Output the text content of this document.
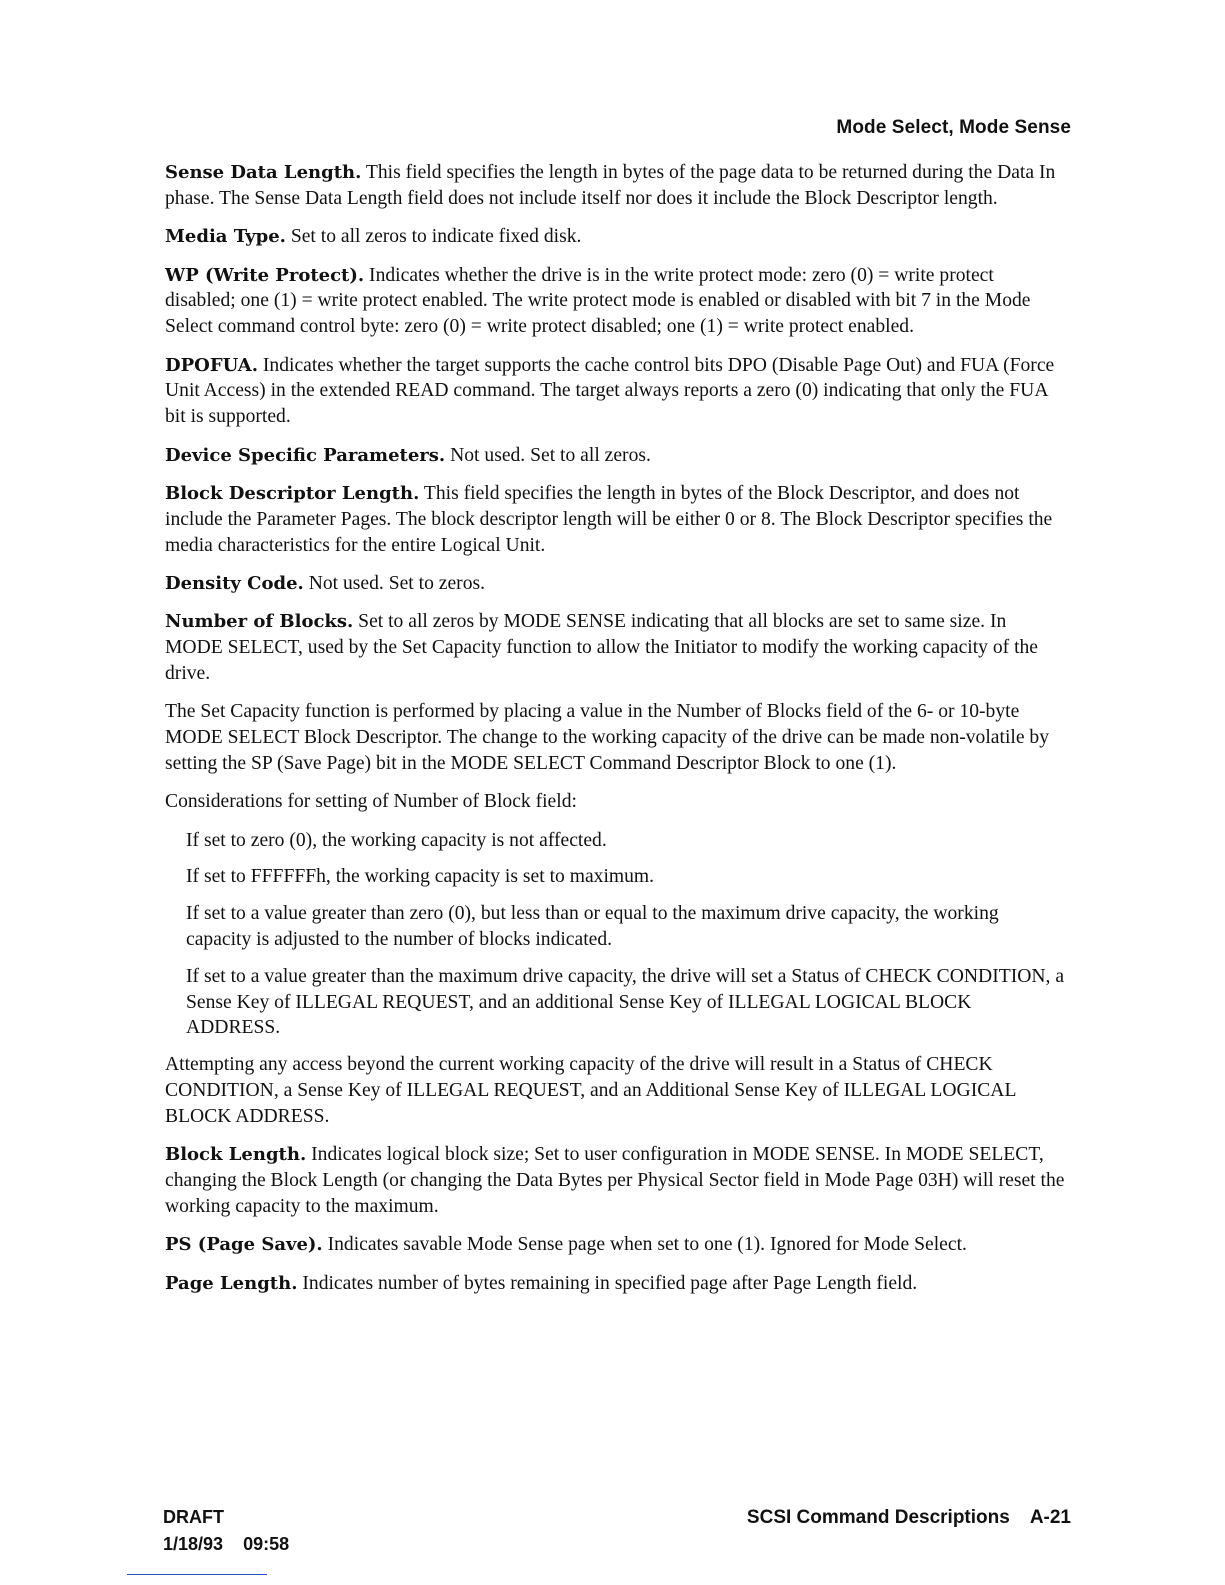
Mode Select, Mode Sense

Sense Data Length. This field specifies the length in bytes of the page data to be returned during the Data In phase. The Sense Data Length field does not include itself nor does it include the Block Descriptor length.

Media Type. Set to all zeros to indicate fixed disk.

WP (Write Protect). Indicates whether the drive is in the write protect mode: zero (0) = write protect disabled; one (1) = write protect enabled. The write protect mode is enabled or disabled with bit 7 in the Mode Select command control byte: zero (0) = write protect disabled; one (1) = write protect enabled.

DPOFUA. Indicates whether the target supports the cache control bits DPO (Disable Page Out) and FUA (Force Unit Access) in the extended READ command. The target always reports a zero (0) indicating that only the FUA bit is supported.

Device Specific Parameters. Not used. Set to all zeros.

Block Descriptor Length. This field specifies the length in bytes of the Block Descriptor, and does not include the Parameter Pages. The block descriptor length will be either 0 or 8. The Block Descriptor specifies the media characteristics for the entire Logical Unit.

Density Code. Not used. Set to zeros.

Number of Blocks. Set to all zeros by MODE SENSE indicating that all blocks are set to same size. In MODE SELECT, used by the Set Capacity function to allow the Initiator to modify the working capacity of the drive.

The Set Capacity function is performed by placing a value in the Number of Blocks field of the 6- or 10-byte MODE SELECT Block Descriptor. The change to the working capacity of the drive can be made non-volatile by setting the SP (Save Page) bit in the MODE SELECT Command Descriptor Block to one (1).

Considerations for setting of Number of Block field:

If set to zero (0), the working capacity is not affected.

If set to FFFFFFh, the working capacity is set to maximum.

If set to a value greater than zero (0), but less than or equal to the maximum drive capacity, the working capacity is adjusted to the number of blocks indicated.

If set to a value greater than the maximum drive capacity, the drive will set a Status of CHECK CONDITION, a Sense Key of ILLEGAL REQUEST, and an additional Sense Key of ILLEGAL LOGICAL BLOCK ADDRESS.

Attempting any access beyond the current working capacity of the drive will result in a Status of CHECK CONDITION, a Sense Key of ILLEGAL REQUEST, and an Additional Sense Key of ILLEGAL LOGICAL BLOCK ADDRESS.

Block Length. Indicates logical block size; Set to user configuration in MODE SENSE. In MODE SELECT, changing the Block Length (or changing the Data Bytes per Physical Sector field in Mode Page 03H) will reset the working capacity to the maximum.

PS (Page Save). Indicates savable Mode Sense page when set to one (1). Ignored for Mode Select.

Page Length. Indicates number of bytes remaining in specified page after Page Length field.

DRAFT
1/18/93 09:58
SCSI Command Descriptions A-21
